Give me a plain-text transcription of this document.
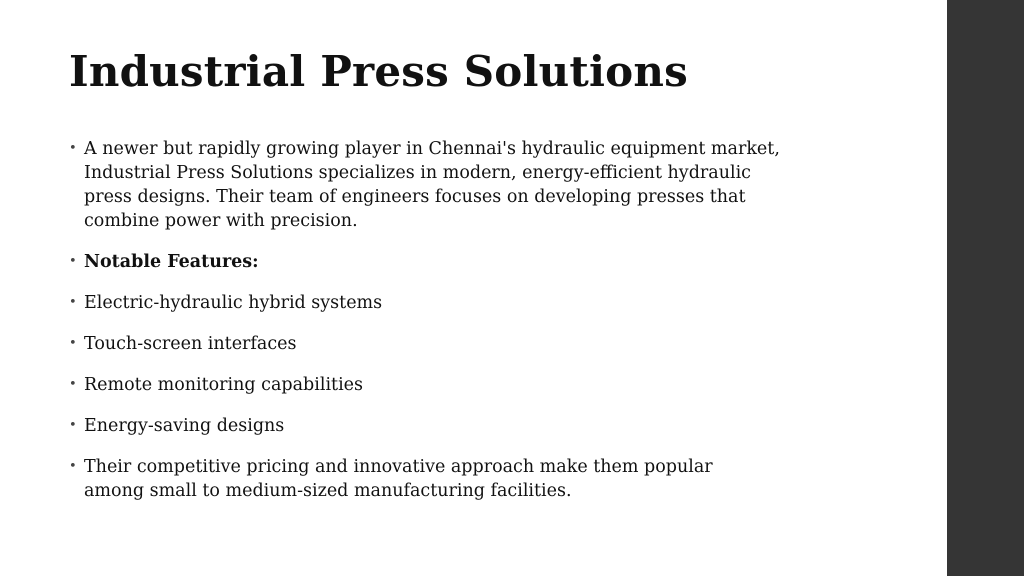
Industrial Press Solutions
• A newer but rapidly growing player in Chennai's hydraulic equipment market, Industrial Press Solutions specializes in modern, energy-efficient hydraulic press designs. Their team of engineers focuses on developing presses that combine power with precision.
• Notable Features:
• Electric-hydraulic hybrid systems
• Touch-screen interfaces
• Remote monitoring capabilities
• Energy-saving designs
• Their competitive pricing and innovative approach make them popular among small to medium-sized manufacturing facilities.
